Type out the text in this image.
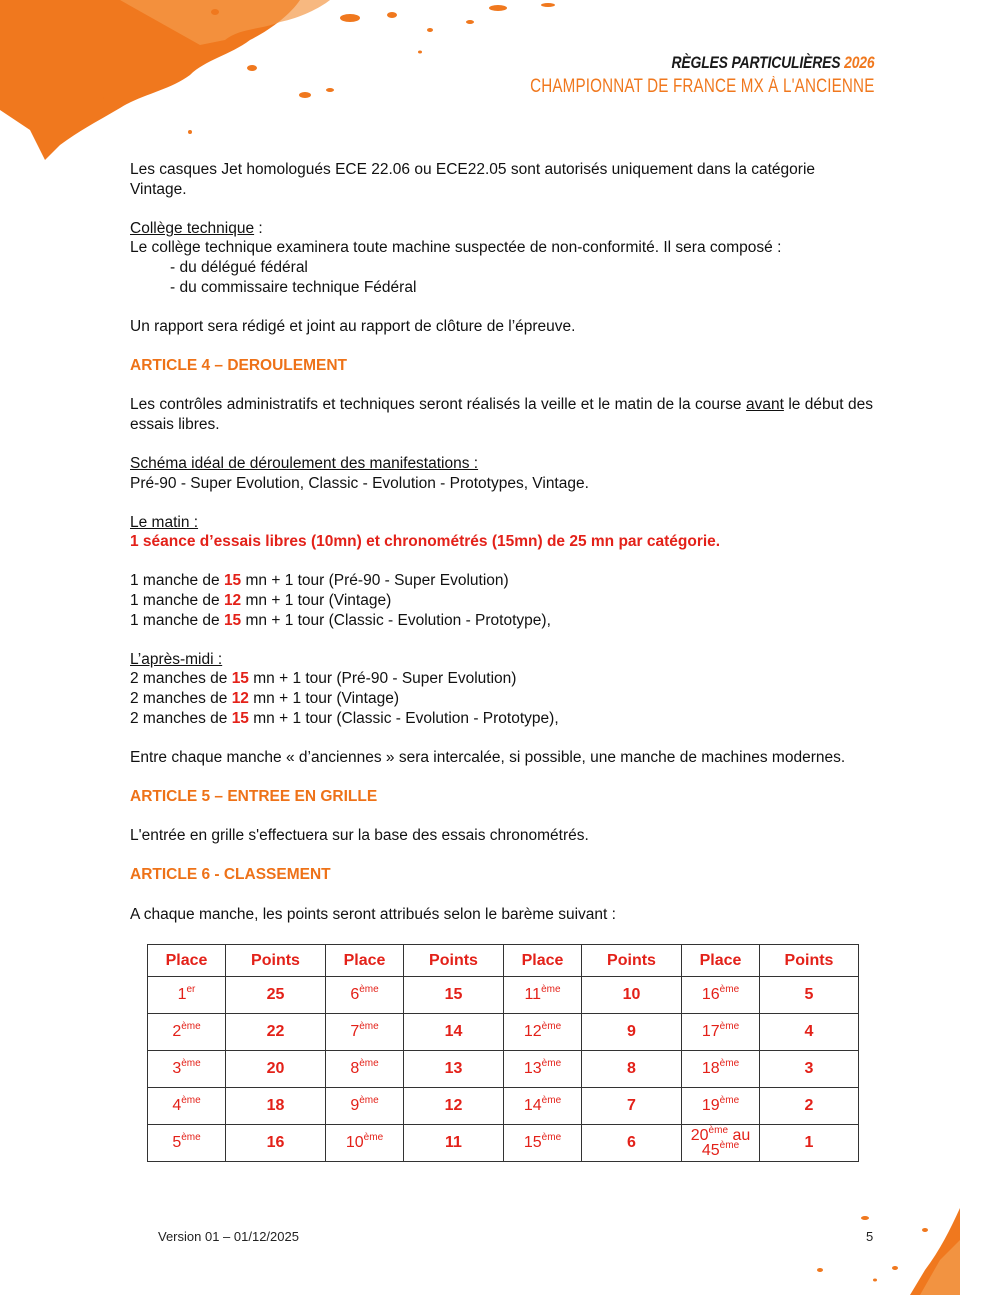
RÈGLES PARTICULIÈRES 2026
CHAMPIONNAT DE FRANCE MX À L'ANCIENNE

Les casques Jet homologués ECE 22.06 ou ECE22.05 sont autorisés uniquement dans la catégorie Vintage.

Collège technique :

Le collège technique examinera toute machine suspectée de non-conformité. Il sera composé :

- du délégué fédéral

- du commissaire technique Fédéral

Un rapport sera rédigé et joint au rapport de clôture de l’épreuve.

ARTICLE 4 – DEROULEMENT

Les contrôles administratifs et techniques seront réalisés la veille et le matin de la course avant le début des essais libres.

Schéma idéal de déroulement des manifestations :

Pré-90 - Super Evolution, Classic - Evolution - Prototypes, Vintage.

Le matin :

1 séance d’essais libres (10mn) et chronométrés (15mn) de 25 mn par catégorie.

1 manche de 15 mn + 1 tour (Pré-90 - Super Evolution)

1 manche de 12 mn + 1 tour (Vintage)

1 manche de 15 mn + 1 tour (Classic - Evolution - Prototype),

L’après-midi :

2 manches de 15 mn + 1 tour (Pré-90 - Super Evolution)

2 manches de 12 mn + 1 tour (Vintage)

2 manches de 15 mn + 1 tour (Classic - Evolution - Prototype),

Entre chaque manche « d’anciennes » sera intercalée, si possible, une manche de machines modernes.

ARTICLE 5 – ENTREE EN GRILLE

L'entrée en grille s'effectuera sur la base des essais chronométrés.

ARTICLE 6 - CLASSEMENT

A chaque manche, les points seront attribués selon le barème suivant :

Place	Points	Place	Points	Place	Points	Place	Points
1er	25	6ème	15	11ème	10	16ème	5
2ème	22	7ème	14	12ème	9	17ème	4
3ème	20	8ème	13	13ème	8	18ème	3
4ème	18	9ème	12	14ème	7	19ème	2
5ème	16	10ème	11	15ème	6	20ème au
45ème	1
Version 01 – 01/12/2025	5
